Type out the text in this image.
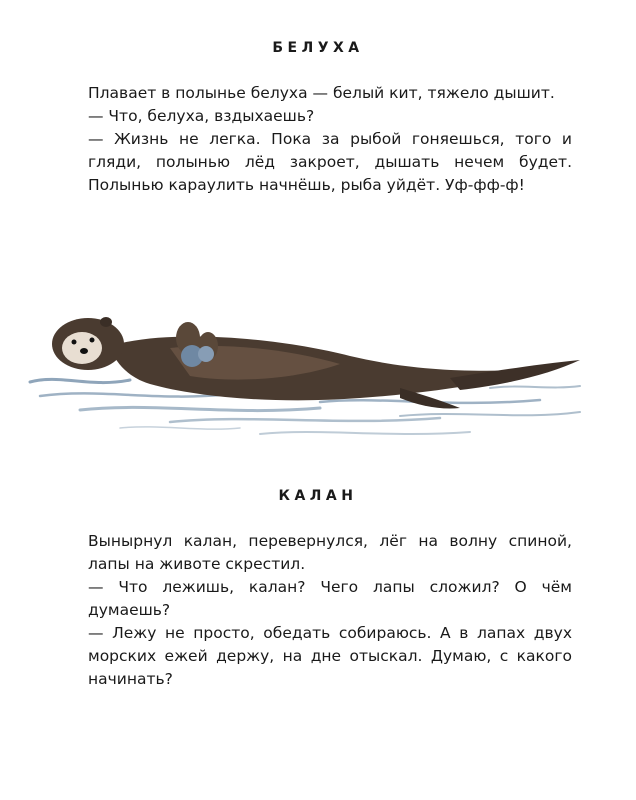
БЕЛУХА

Плавает в полынье белуха — белый кит, тяжело дышит.

— Что, белуха, вздыхаешь?

— Жизнь не легка. Пока за рыбой гоняешься, того и гляди, полынью лёд закроет, дышать нечем будет. Полынью караулить начнёшь, рыба уйдёт. Уф-фф-ф!

КАЛАН

Вынырнул калан, перевернулся, лёг на волну спиной, лапы на животе скрестил.

— Что лежишь, калан? Чего лапы сложил? О чём думаешь?

— Лежу не просто, обедать собираюсь. А в лапах двух морских ежей держу, на дне отыскал. Думаю, с какого начинать?
